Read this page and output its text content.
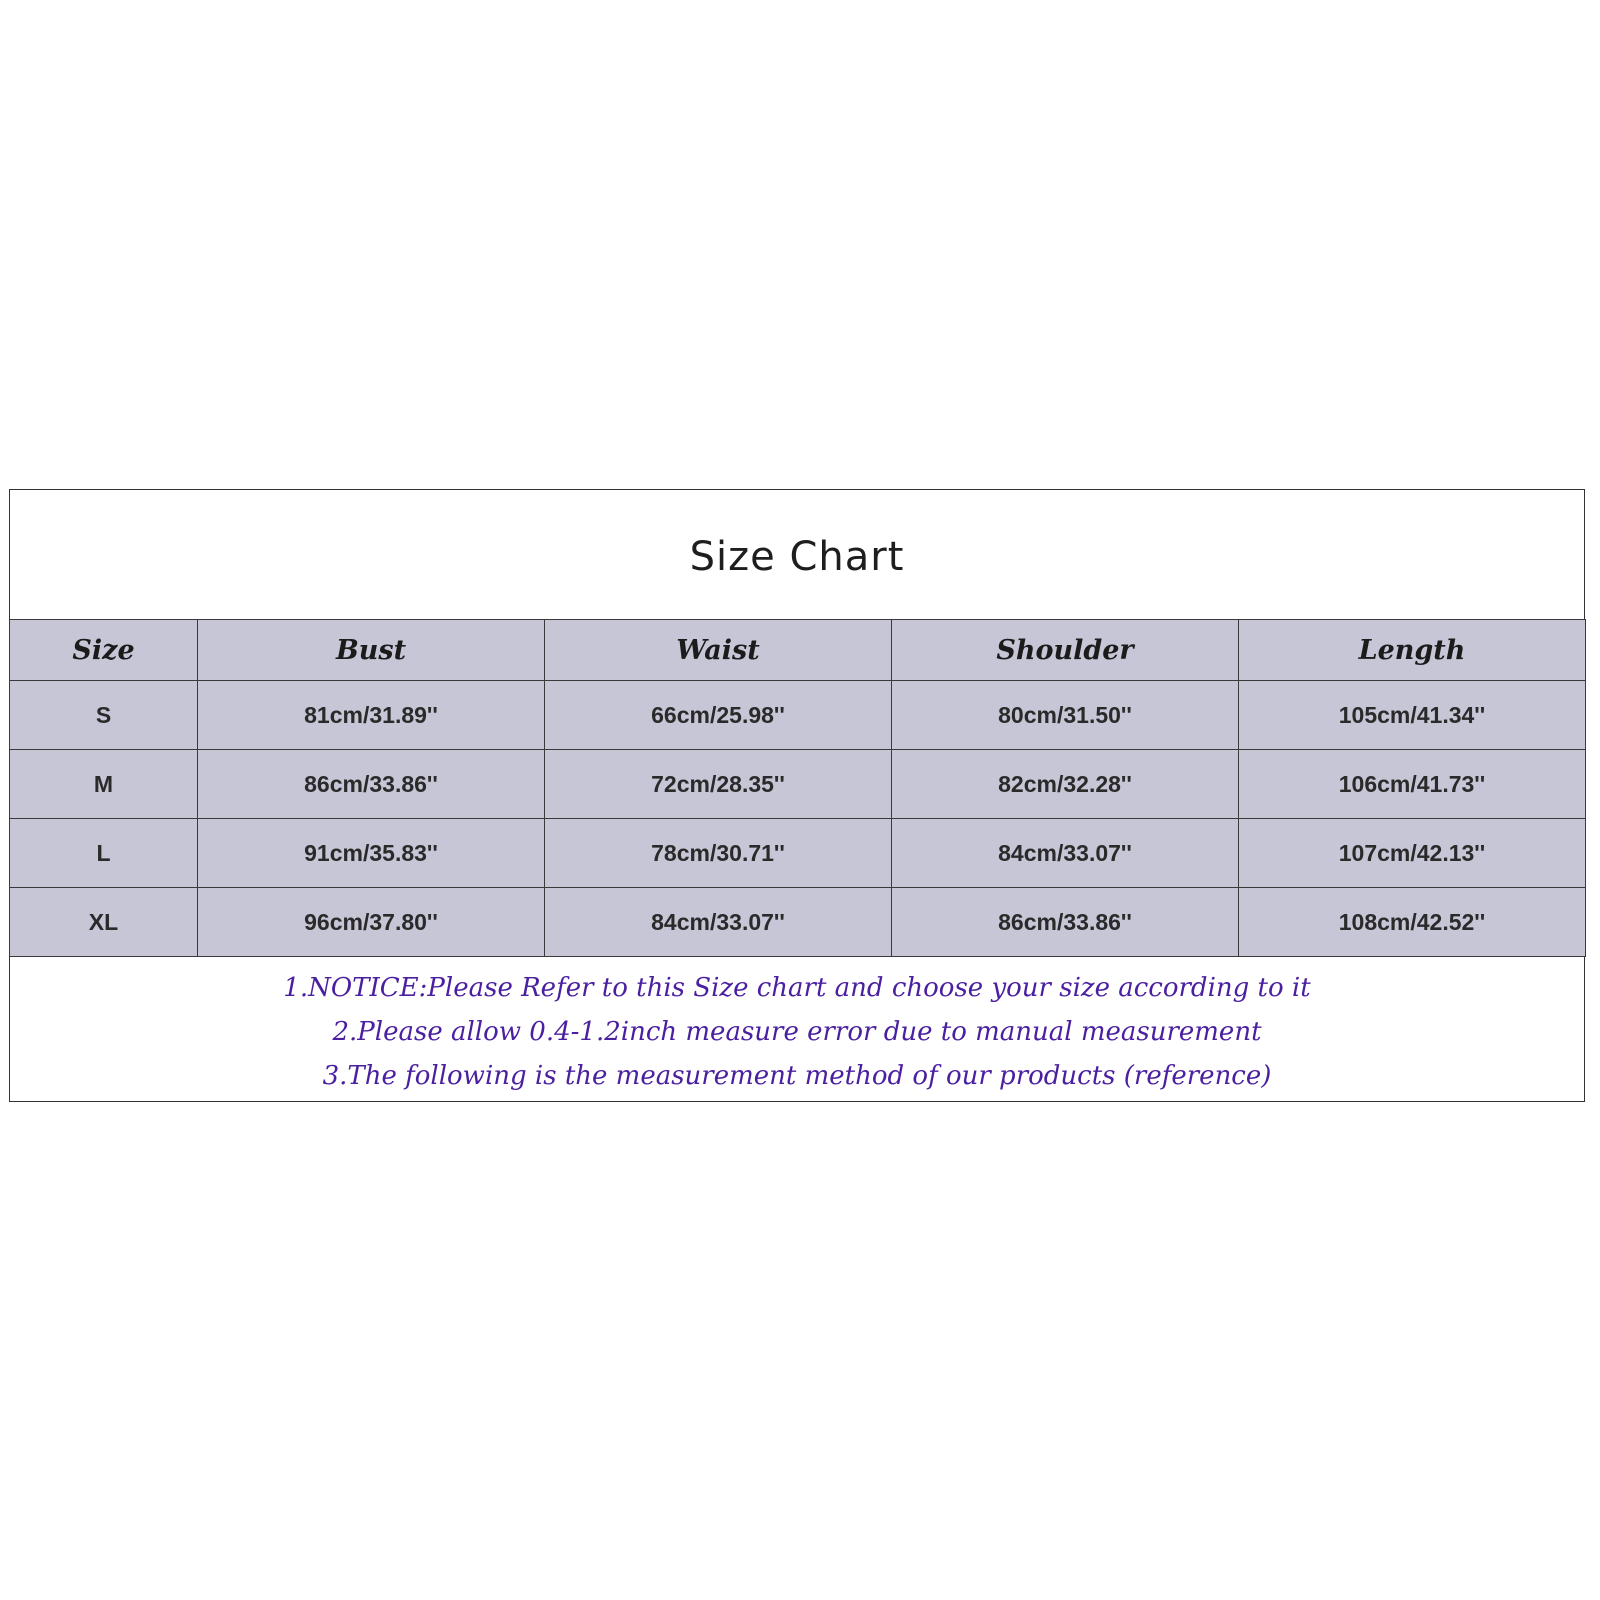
Size Chart
Size	Bust	Waist	Shoulder	Length
S	81cm/31.89''	66cm/25.98''	80cm/31.50''	105cm/41.34''
M	86cm/33.86''	72cm/28.35''	82cm/32.28''	106cm/41.73''
L	91cm/35.83''	78cm/30.71''	84cm/33.07''	107cm/42.13''
XL	96cm/37.80''	84cm/33.07''	86cm/33.86''	108cm/42.52''
1.NOTICE:Please Refer to this Size chart and choose your size according to it
2.Please allow 0.4-1.2inch measure error due to manual measurement
3.The following is the measurement method of our products (reference)
